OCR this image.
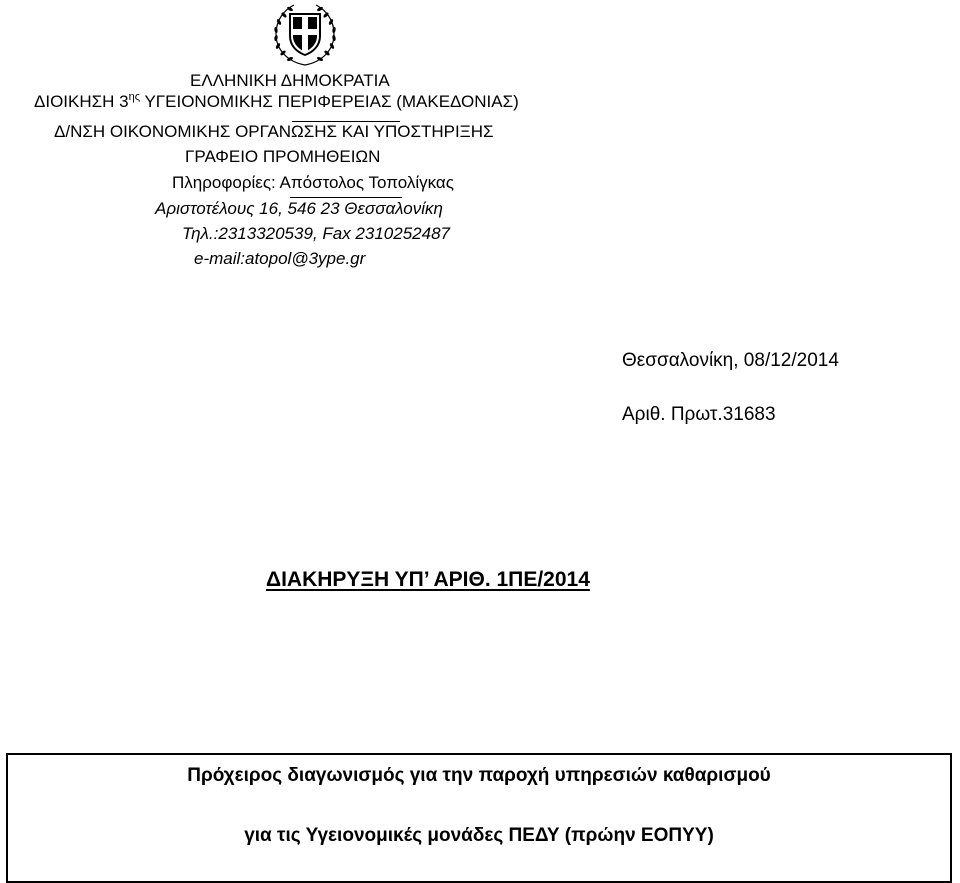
ΕΛΛΗΝΙΚΗ ΔΗΜΟΚΡΑΤΙΑ
ΔΙΟΙΚΗΣΗ $3^{\eta\varsigma}$ ΥΓΕΙΟΝΟΜΙΚΗΣ ΠΕΡΙΦΕΡΕΙΑΣ (ΜΑΚΕΔΟΝΙΑΣ)
Δ/ΝΣΗ ΟΙΚΟΝΟΜΙΚΗΣ ΟΡΓΑΝΩΣΗΣ ΚΑΙ ΥΠΟΣΤΗΡΙΞΗΣ
ΓΡΑΦΕΙΟ ΠΡΟΜΗΘΕΙΩΝ
Πληροφορίες: Απόστολος Τοπολίγκας
Αριστοτέλους 16, 546 23 Θεσσαλονίκη
Τηλ.:2313320539, Fax 2310252487
e-mail:atopol@3ype.gr
Θεσσαλονίκη, 08/12/2014
Αριθ. Πρωτ.31683
ΔΙΑΚΗΡΥΞΗ ΥΠ’ ΑΡΙΘ. 1ΠΕ/2014
Πρόχειρος διαγωνισμός για την παροχή υπηρεσιών καθαρισμού
για τις Υγειονομικές μονάδες ΠΕΔΥ (πρώην ΕΟΠΥΥ)
